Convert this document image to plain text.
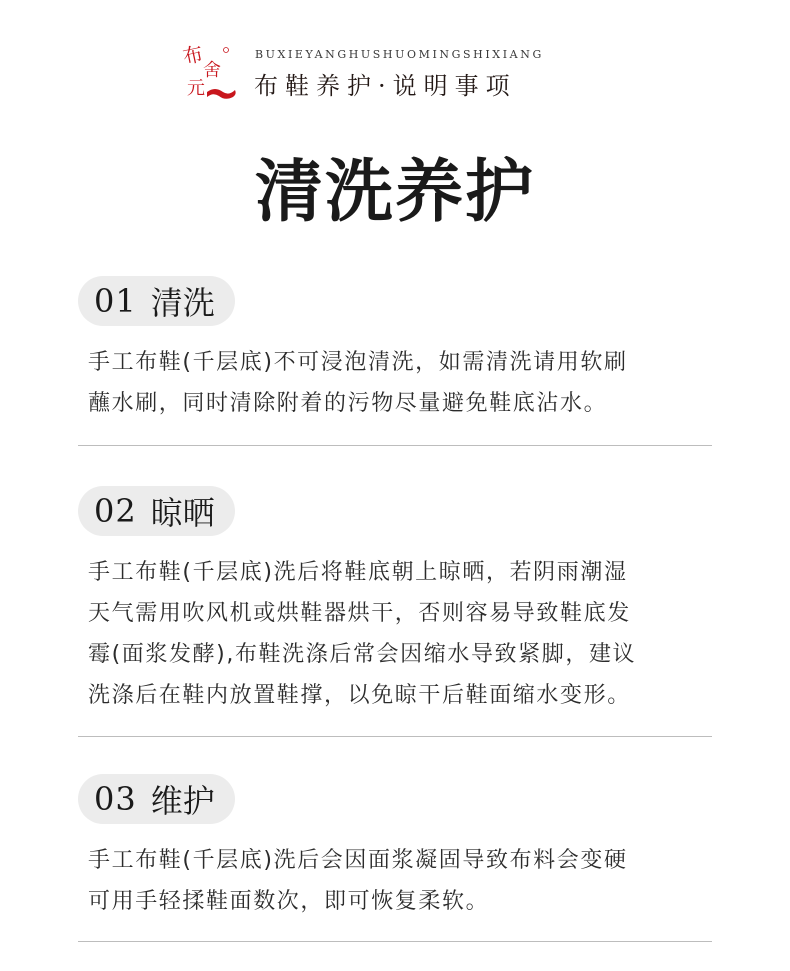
布
舍
元
BUXIEYANGHUSHUOMINGSHIXIANG
布鞋养护·说明事项
清洗养护
01 清洗
手工布鞋(千层底)不可浸泡清洗，如需清洗请用软刷
蘸水刷，同时清除附着的污物尽量避免鞋底沾水。
02 晾晒
手工布鞋(千层底)洗后将鞋底朝上晾晒，若阴雨潮湿
天气需用吹风机或烘鞋器烘干，否则容易导致鞋底发
霉(面浆发酵),布鞋洗涤后常会因缩水导致紧脚，建议
洗涤后在鞋内放置鞋撑，以免晾干后鞋面缩水变形。
03 维护
手工布鞋(千层底)洗后会因面浆凝固导致布料会变硬
可用手轻揉鞋面数次，即可恢复柔软。
